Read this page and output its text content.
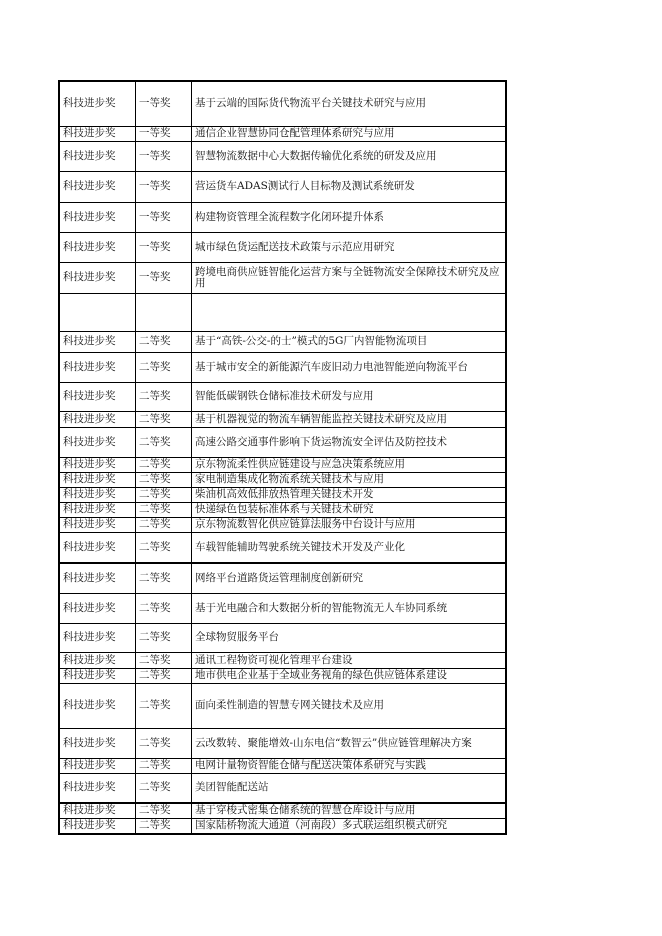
科技进步奖	一等奖	基于云端的国际货代物流平台关键技术研究与应用
科技进步奖	一等奖	通信企业智慧协同仓配管理体系研究与应用
科技进步奖	一等奖	智慧物流数据中心大数据传输优化系统的研发及应用
科技进步奖	一等奖	营运货车ADAS测试行人目标物及测试系统研发
科技进步奖	一等奖	构建物资管理全流程数字化闭环提升体系
科技进步奖	一等奖	城市绿色货运配送技术政策与示范应用研究
科技进步奖	一等奖	跨境电商供应链智能化运营方案与全链物流安全保障技术研究及应用

科技进步奖	二等奖	基于“高铁-公交-的士”模式的5G厂内智能物流项目
科技进步奖	二等奖	基于城市安全的新能源汽车废旧动力电池智能逆向物流平台
科技进步奖	二等奖	智能低碳钢铁仓储标准技术研发与应用
科技进步奖	二等奖	基于机器视觉的物流车辆智能监控关键技术研究及应用
科技进步奖	二等奖	高速公路交通事件影响下货运物流安全评估及防控技术
科技进步奖	二等奖	京东物流柔性供应链建设与应急决策系统应用
科技进步奖	二等奖	家电制造集成化物流系统关键技术与应用
科技进步奖	二等奖	柴油机高效低排放热管理关键技术开发
科技进步奖	二等奖	快递绿色包装标准体系与关键技术研究
科技进步奖	二等奖	京东物流数智化供应链算法服务中台设计与应用
科技进步奖	二等奖	车载智能辅助驾驶系统关键技术开发及产业化
科技进步奖	二等奖	网络平台道路货运管理制度创新研究
科技进步奖	二等奖	基于光电融合和大数据分析的智能物流无人车协同系统
科技进步奖	二等奖	全球物贸服务平台
科技进步奖	二等奖	通讯工程物资可视化管理平台建设
科技进步奖	二等奖	地市供电企业基于全域业务视角的绿色供应链体系建设
科技进步奖	二等奖	面向柔性制造的智慧专网关键技术及应用
科技进步奖	二等奖	云改数转、聚能增效-山东电信“数智云”供应链管理解决方案
科技进步奖	二等奖	电网计量物资智能仓储与配送决策体系研究与实践
科技进步奖	二等奖	美团智能配送站
科技进步奖	二等奖	基于穿梭式密集仓储系统的智慧仓库设计与应用
科技进步奖	二等奖	国家陆桥物流大通道（河南段）多式联运组织模式研究
